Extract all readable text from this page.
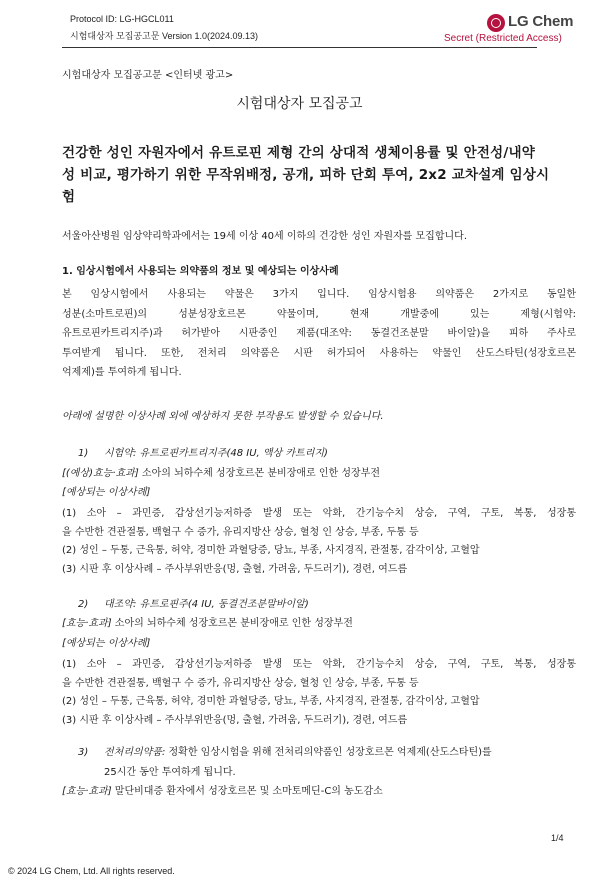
Protocol ID: LG-HGCL011
시험대상자 모집공고문 Version 1.0(2024.09.13)
LG Chem
Secret (Restricted Access)
시험대상자 모집공고문 <인터넷 광고>
시험대상자 모집공고
건강한 성인 자원자에서 유트로핀 제형 간의 상대적 생체이용률 및 안전성/내약
성 비교, 평가하기 위한 무작위배정, 공개, 피하 단회 투여, 2x2 교차설계 임상시
험
서울아산병원 임상약리학과에서는 19세 이상 40세 이하의 건강한 성인 자원자를 모집합니다.
1. 임상시험에서 사용되는 의약품의 정보 및 예상되는 이상사례
본 임상시험에서 사용되는 약물은 3가지 입니다. 임상시험용 의약품은 2가지로 동일한
성분(소마트로핀)의 성분성장호르몬 약물이며, 현재 개발중에 있는 제형(시험약:
유트로핀카트리지주)과 허가받아 시판중인 제품(대조약: 동결건조분말 바이알)을 피하 주사로
투여받게 됩니다. 또한, 전처리 의약품은 시판 허가되어 사용하는 약물인 산도스타틴(성장호르몬
억제제)를 투여하게 됩니다.
아래에 설명한 이상사례 외에 예상하지 못한 부작용도 발생할 수 있습니다.
1) 시험약: 유트로핀카트리지주(48 IU, 액상 카트리지)
[(예상)효능·효과] 소아의 뇌하수체 성장호르몬 분비장애로 인한 성장부전
[예상되는 이상사례]
(1) 소아 – 과민증, 갑상선기능저하증 발생 또는 악화, 간기능수치 상승, 구역, 구토, 복통, 성장통
을 수반한 견관절통, 백혈구 수 증가, 유리지방산 상승, 혈청 인 상승, 부종, 두통 등
(2) 성인 – 두통, 근육통, 허약, 경미한 과혈당증, 당뇨, 부종, 사지경직, 관절통, 감각이상, 고혈압
(3) 시판 후 이상사례 – 주사부위반응(멍, 출혈, 가려움, 두드러기), 경련, 여드름
2) 대조약: 유트로핀주(4 IU, 동결건조분말바이알)
[효능·효과] 소아의 뇌하수체 성장호르몬 분비장애로 인한 성장부전
[예상되는 이상사례]
(1) 소아 – 과민증, 갑상선기능저하증 발생 또는 악화, 간기능수치 상승, 구역, 구토, 복통, 성장통
을 수반한 견관절통, 백혈구 수 증가, 유리지방산 상승, 혈청 인 상승, 부종, 두통 등
(2) 성인 – 두통, 근육통, 허약, 경미한 과혈당증, 당뇨, 부종, 사지경직, 관절통, 감각이상, 고혈압
(3) 시판 후 이상사례 – 주사부위반응(멍, 출혈, 가려움, 두드러기), 경련, 여드름
3) 전처리의약품: 정확한 임상시험을 위해 전처리의약품인 성장호르몬 억제제(산도스타틴)를
25시간 동안 투여하게 됩니다.
[효능·효과] 말단비대증 환자에서 성장호르몬 및 소마토메딘-C의 농도감소
1/4
© 2024 LG Chem, Ltd. All rights reserved.
